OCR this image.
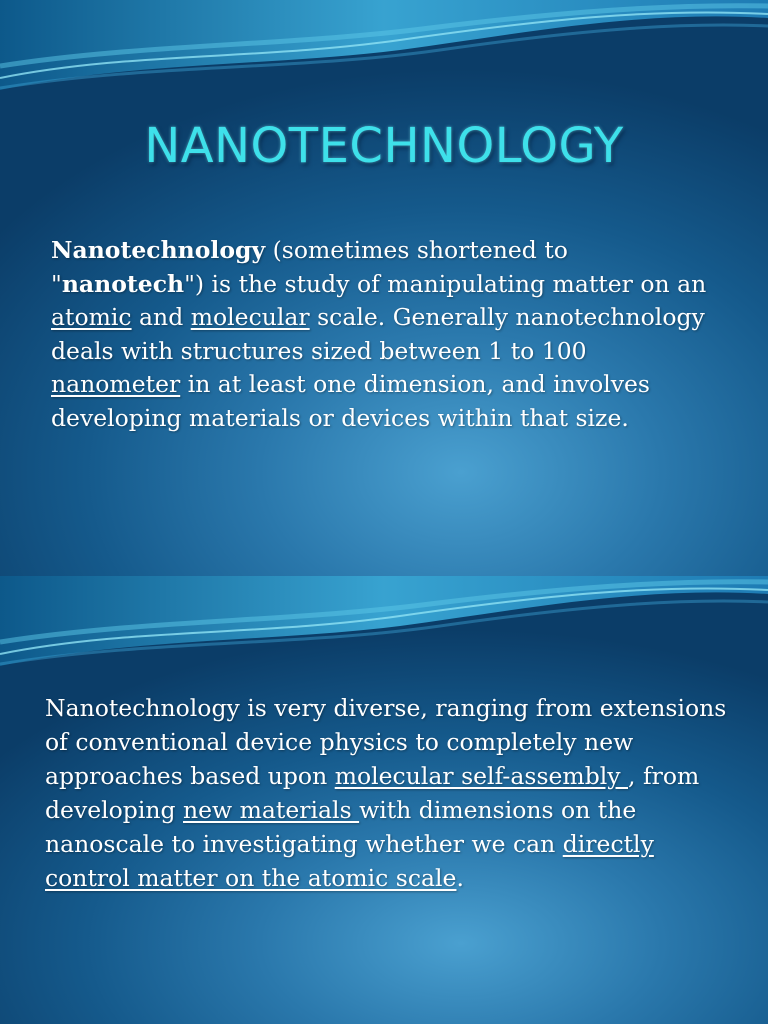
NANOTECHNOLOGY
Nanotechnology (sometimes shortened to "nanotech") is the study of manipulating matter on an atomic and molecular scale. Generally nanotechnology deals with structures sized between 1 to 100 nanometer in at least one dimension, and involves developing materials or devices within that size.
Nanotechnology is very diverse, ranging from extensions of conventional device physics to completely new approaches based upon molecular self-assembly , from developing new materials with dimensions on the nanoscale to investigating whether we can directly control matter on the atomic scale.
